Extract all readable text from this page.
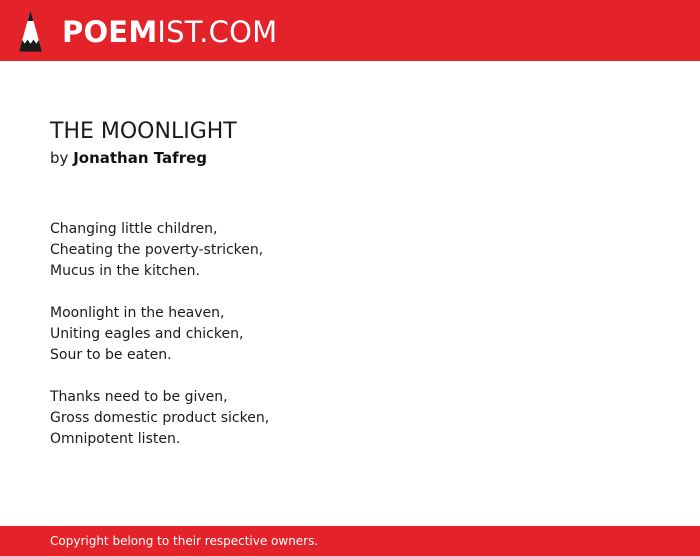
POEMIST.COM
THE MOONLIGHT
by Jonathan Tafreg
Changing little children,
Cheating the poverty-stricken,
Mucus in the kitchen.
Moonlight in the heaven,
Uniting eagles and chicken,
Sour to be eaten.
Thanks need to be given,
Gross domestic product sicken,
Omnipotent listen.
Copyright belong to their respective owners.
